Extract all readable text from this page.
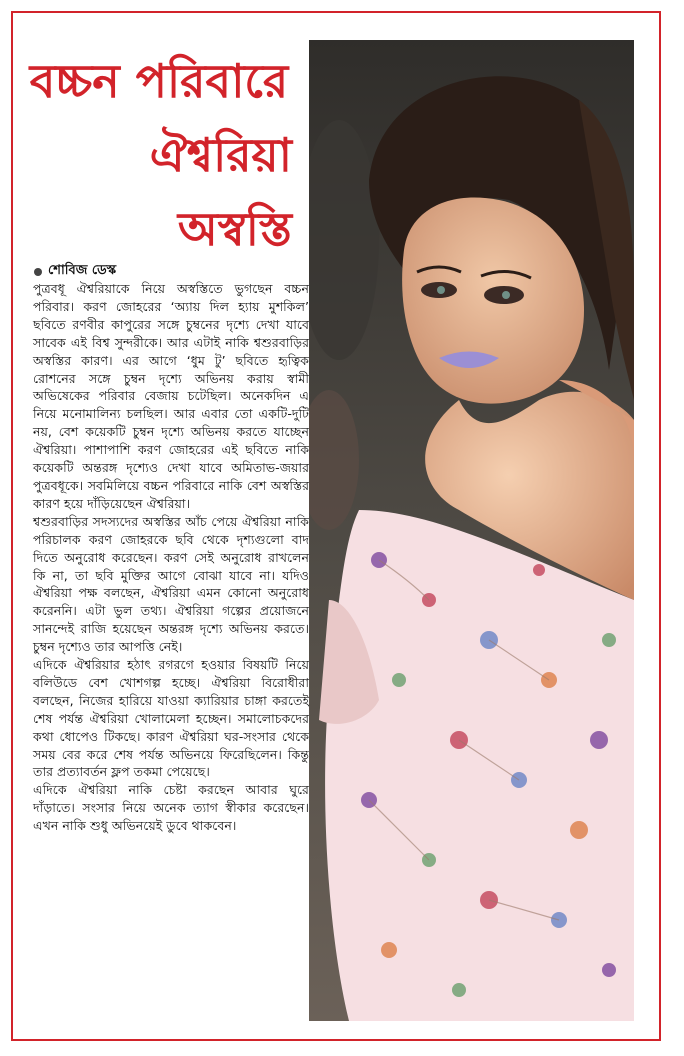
বচ্চন পরিবারে
ঐশ্বরিয়া
অস্বস্তি
শোবিজ ডেস্ক

পুত্রবধূ ঐশ্বরিয়াকে নিয়ে অস্বস্তিতে ভুগছেন বচ্চন পরিবার। করণ জোহরের ‘অ্যায় দিল হ্যায় মুশকিল’ ছবিতে রণবীর কাপুরের সঙ্গে চুম্বনের দৃশ্যে দেখা যাবে সাবেক এই বিশ্ব সুন্দরীকে। আর এটাই নাকি শ্বশুরবাড়ির অস্বস্তির কারণ। এর আগে ‘ধুম টু’ ছবিতে হৃত্বিক রোশনের সঙ্গে চুম্বন দৃশ্যে অভিনয় করায় স্বামী অভিষেকের পরিবার বেজায় চটেছিল। অনেকদিন এ নিয়ে মনোমালিন্য চলছিল। আর এবার তো একটি-দুটি নয়, বেশ কয়েকটি চুম্বন দৃশ্যে অভিনয় করতে যাচ্ছেন ঐশ্বরিয়া। পাশাপাশি করণ জোহরের এই ছবিতে নাকি কয়েকটি অন্তরঙ্গ দৃশ্যেও দেখা যাবে অমিতাভ-জয়ার পুত্রবধূকে। সবমিলিয়ে বচ্চন পরিবারে নাকি বেশ অস্বস্তির কারণ হয়ে দাঁড়িয়েছেন ঐশ্বরিয়া।

শ্বশুরবাড়ির সদস্যদের অস্বস্তির আঁচ পেয়ে ঐশ্বরিয়া নাকি পরিচালক করণ জোহরকে ছবি থেকে দৃশ্যগুলো বাদ দিতে অনুরোধ করেছেন। করণ সেই অনুরোধ রাখলেন কি না, তা ছবি মুক্তির আগে বোঝা যাবে না। যদিও ঐশ্বরিয়া পক্ষ বলছেন, ঐশ্বরিয়া এমন কোনো অনুরোধ করেননি। এটা ভুল তথ্য। ঐশ্বরিয়া গল্পের প্রয়োজনে সানন্দেই রাজি হয়েছেন অন্তরঙ্গ দৃশ্যে অভিনয় করতে। চুম্বন দৃশ্যেও তার আপত্তি নেই।

এদিকে ঐশ্বরিয়ার হঠাৎ রগরগে হওয়ার বিষয়টি নিয়ে বলিউডে বেশ খোশগল্প হচ্ছে। ঐশ্বরিয়া বিরোধীরা বলছেন, নিজের হারিয়ে যাওয়া ক্যারিয়ার চাঙ্গা করতেই শেষ পর্যন্ত ঐশ্বরিয়া খোলামেলা হচ্ছেন। সমালোচকদের কথা ধোপেও টিকছে। কারণ ঐশ্বরিয়া ঘর-সংসার থেকে সময় বের করে শেষ পর্যন্ত অভিনয়ে ফিরেছিলেন। কিন্তু তার প্রত্যাবর্তন ফ্লপ তকমা পেয়েছে।

এদিকে ঐশ্বরিয়া নাকি চেষ্টা করছেন আবার ঘুরে দাঁড়াতে। সংসার নিয়ে অনেক ত্যাগ স্বীকার করেছেন। এখন নাকি শুধু অভিনয়েই ডুবে থাকবেন।
